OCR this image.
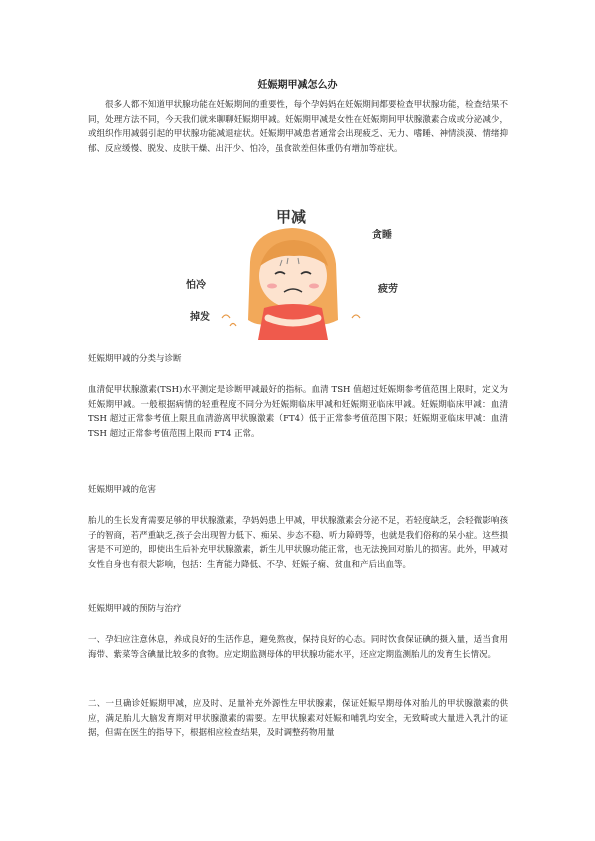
妊娠期甲减怎么办
很多人都不知道甲状腺功能在妊娠期间的重要性，每个孕妈妈在妊娠期间都要检查甲状腺功能，检查结果不同，处理方法不同，今天我们就来聊聊妊娠期甲减。妊娠期甲减是女性在妊娠期间甲状腺激素合成或分泌减少，或组织作用减弱引起的甲状腺功能减退症状。妊娠期甲减患者通常会出现疲乏、无力、嗜睡、神情淡漠、情绪抑郁、反应缓慢、脱发、皮肤干燥、出汗少、怕冷，虽食欲差但体重仍有增加等症状。
甲减
贪睡
怕冷	疲劳
掉发
妊娠期甲减的分类与诊断
血清促甲状腺激素(TSH)水平测定是诊断甲减最好的指标。血清 TSH 值超过妊娠期参考值范围上限时，定义为妊娠期甲减。一般根据病情的轻重程度不同分为妊娠期临床甲减和妊娠期亚临床甲减。妊娠期临床甲减：血清 TSH 超过正常参考值上限且血清游离甲状腺激素（FT4）低于正常参考值范围下限；妊娠期亚临床甲减：血清 TSH 超过正常参考值范围上限而 FT4 正常。
妊娠期甲减的危害
胎儿的生长发育需要足够的甲状腺激素，孕妈妈患上甲减，甲状腺激素会分泌不足，若轻度缺乏，会轻微影响孩子的智商，若严重缺乏,孩子会出现智力低下、痴呆、步态不稳、听力障碍等，也就是我们俗称的呆小症。这些损害是不可逆的，即使出生后补充甲状腺激素，新生儿甲状腺功能正常，也无法挽回对胎儿的损害。此外，甲减对女性自身也有很大影响，包括：生育能力降低、不孕、妊娠子痫、贫血和产后出血等。
妊娠期甲减的预防与治疗
一、孕妇应注意休息，养成良好的生活作息，避免熬夜，保持良好的心态。同时饮食保证碘的摄入量，适当食用海带、紫菜等含碘量比较多的食物。应定期监测母体的甲状腺功能水平，还应定期监测胎儿的发育生长情况。
二、一旦确诊妊娠期甲减，应及时、足量补充外源性左甲状腺素，保证妊娠早期母体对胎儿的甲状腺激素的供应，满足胎儿大脑发育期对甲状腺激素的需要。左甲状腺素对妊娠和哺乳均安全，无致畸或大量进入乳汁的证据，但需在医生的指导下，根据相应检查结果，及时调整药物用量
